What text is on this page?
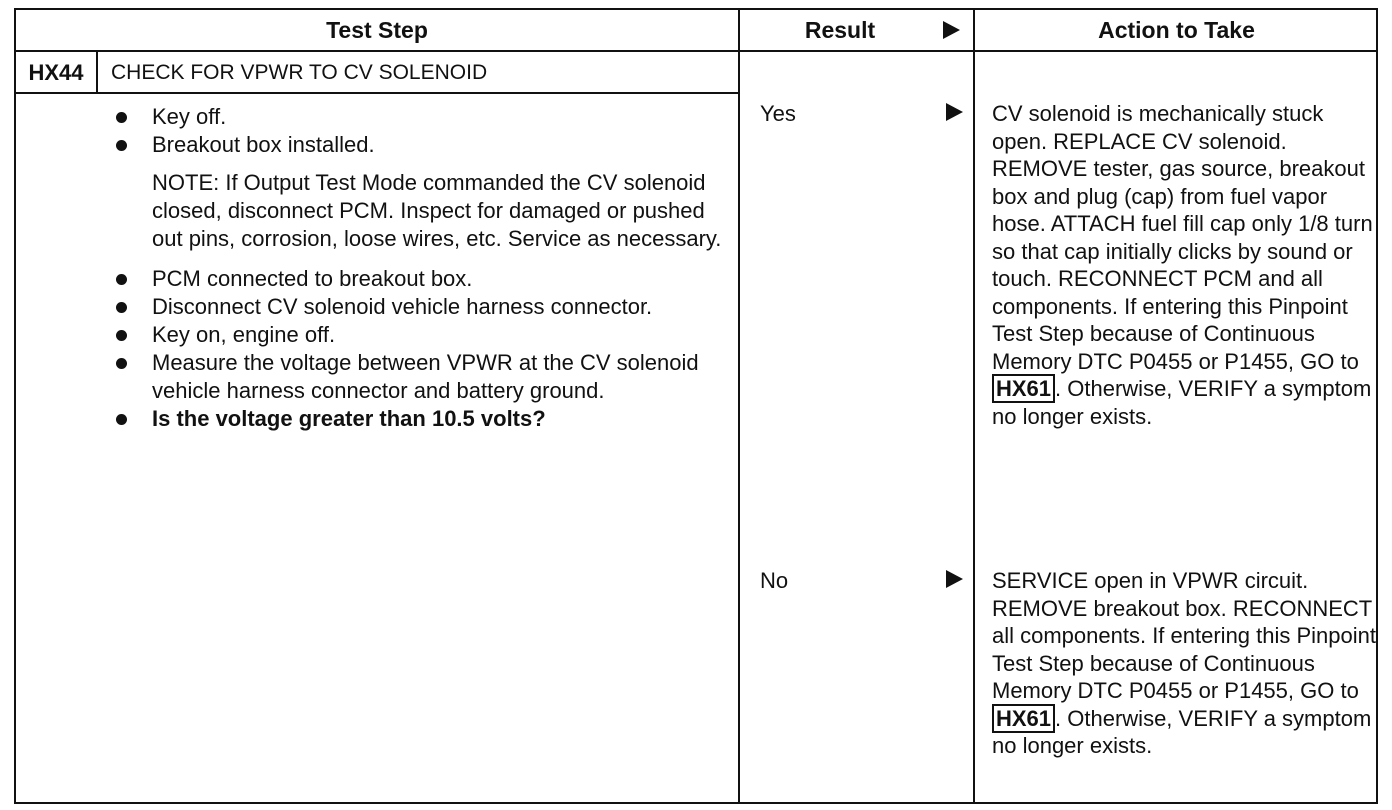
Test Step	Result	Action to Take
HX44	CHECK FOR VPWR TO CV SOLENOID
Key off.
Breakout box installed.
NOTE: If Output Test Mode commanded the CV solenoid closed, disconnect PCM. Inspect for damaged or pushed out pins, corrosion, loose wires, etc. Service as necessary.
PCM connected to breakout box.
Disconnect CV solenoid vehicle harness connector.
Key on, engine off.
Measure the voltage between VPWR at the CV solenoid vehicle harness connector and battery ground.
Is the voltage greater than 10.5 volts?
Yes	CV solenoid is mechanically stuck open. REPLACE CV solenoid. REMOVE tester, gas source, breakout box and plug (cap) from fuel vapor hose. ATTACH fuel fill cap only 1/8 turn so that cap initially clicks by sound or touch. RECONNECT PCM and all components. If entering this Pinpoint Test Step because of Continuous Memory DTC P0455 or P1455, GO to HX61 . Otherwise, VERIFY a symptom no longer exists.
No	SERVICE open in VPWR circuit. REMOVE breakout box. RECONNECT all components. If entering this Pinpoint Test Step because of Continuous Memory DTC P0455 or P1455, GO to HX61 . Otherwise, VERIFY a symptom no longer exists.
